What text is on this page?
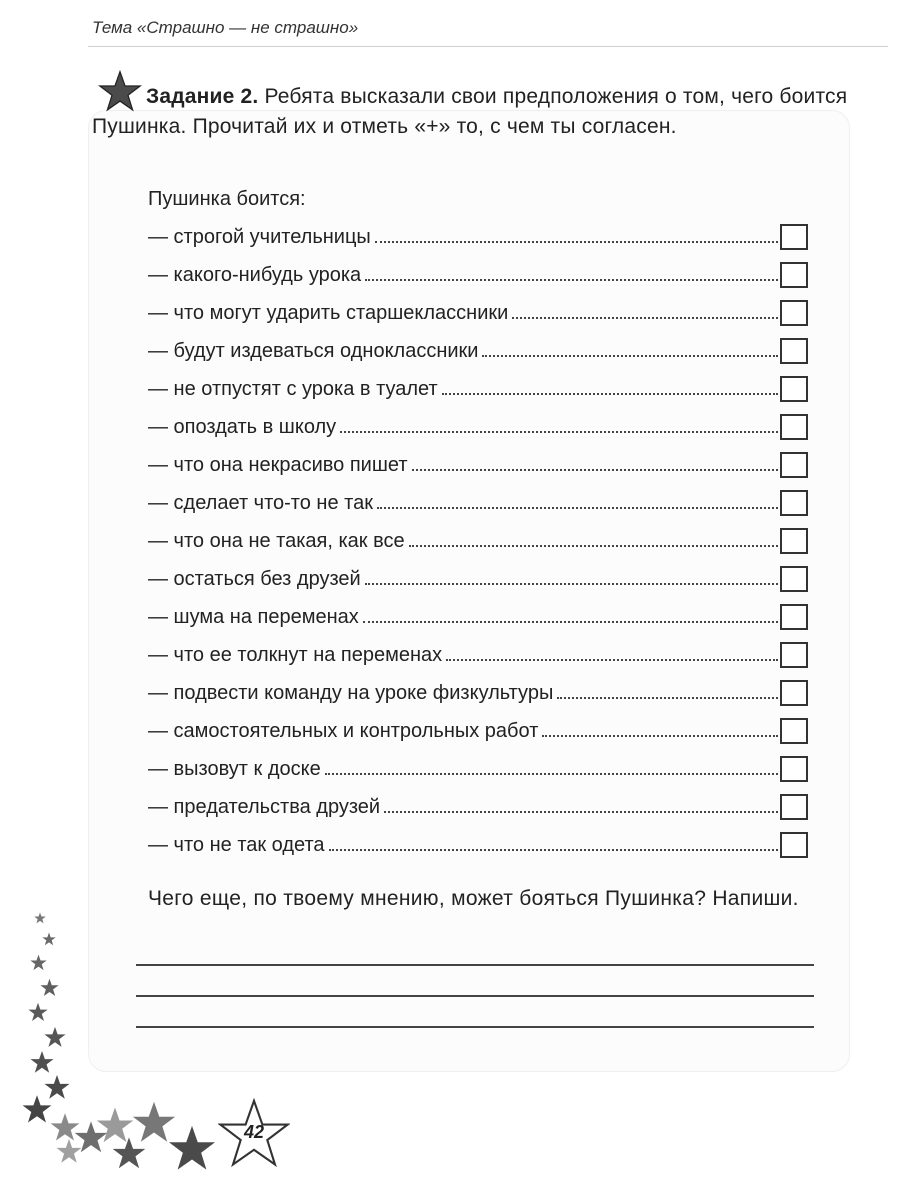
Тема «Страшно — не страшно»
Задание 2. Ребята высказали свои предположения о том, чего боится Пушинка. Прочитай их и отметь «+» то, с чем ты согласен.
Пушинка боится:
— строгой учительницы
— какого-нибудь урока
— что могут ударить старшеклассники
— будут издеваться одноклассники
— не отпустят с урока в туалет
— опоздать в школу
— что она некрасиво пишет
— сделает что-то не так
— что она не такая, как все
— остаться без друзей
— шума на переменах
— что ее толкнут на переменах
— подвести команду на уроке физкультуры
— самостоятельных и контрольных работ
— вызовут к доске
— предательства друзей
— что не так одета
Чего еще, по твоему мнению, может бояться Пушинка? Напиши.
42
